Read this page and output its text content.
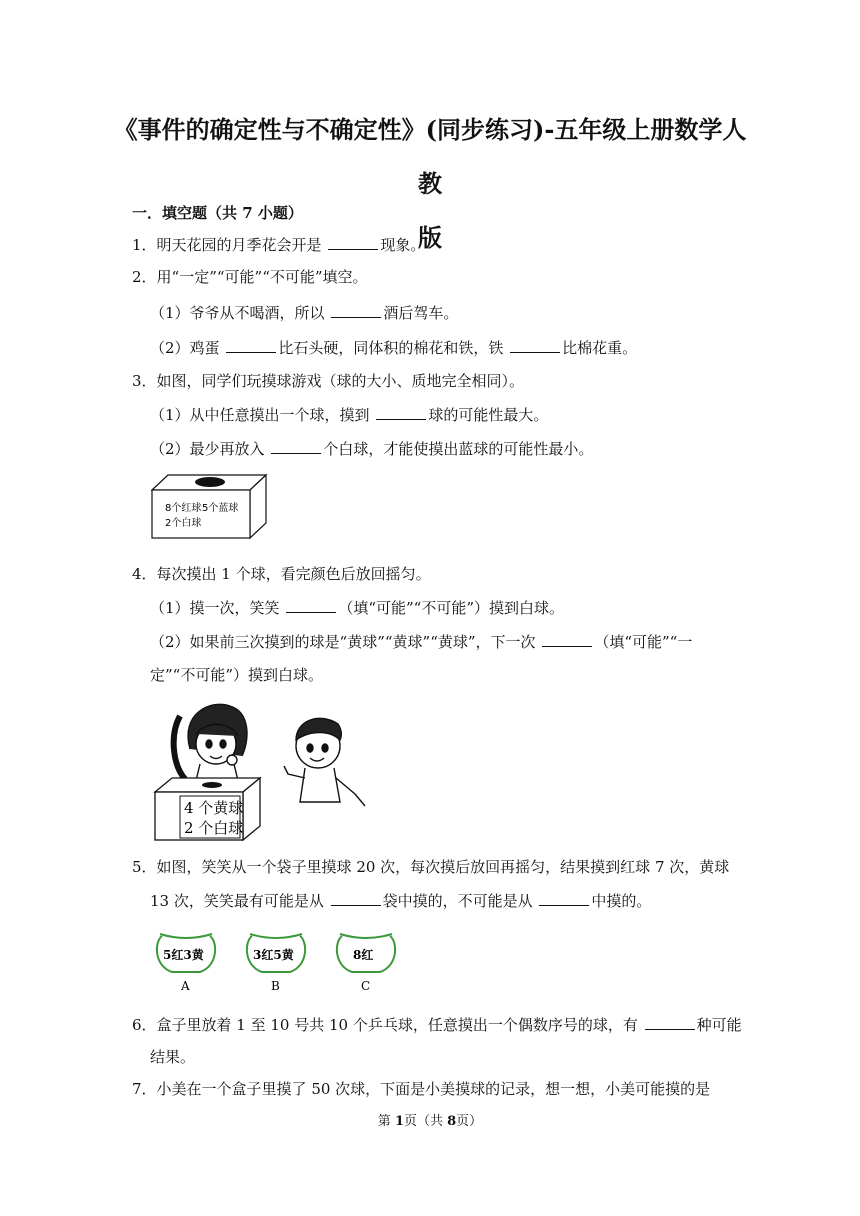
《事件的确定性与不确定性》(同步练习)-五年级上册数学人教
版
一．填空题（共 7 小题）
1．明天花园的月季花会开是	现象。
2．用“一定”“可能”“不可能”填空。
（1）爷爷从不喝酒，所以	酒后驾车。
（2）鸡蛋	比石头硬，同体积的棉花和铁，铁	比棉花重。
3．如图，同学们玩摸球游戏（球的大小、质地完全相同）。
（1）从中任意摸出一个球，摸到	球的可能性最大。
（2）最少再放入	个白球，才能使摸出蓝球的可能性最小。
8个红球 5个蓝球
2个白球
4．每次摸出 1 个球，看完颜色后放回摇匀。
（1）摸一次，笑笑	（填“可能”“不可能”）摸到白球。
（2）如果前三次摸到的球是“黄球”“黄球”“黄球”，下一次	（填“可能”“一
定”“不可能”）摸到白球。
4 个黄球
2 个白球
5．如图，笑笑从一个袋子里摸球 20 次，每次摸后放回再摇匀，结果摸到红球 7 次，黄球
13 次，笑笑最有可能是从	袋中摸的，不可能是从	中摸的。
5红3黄
A
3红5黄
B
8红
C
6．盒子里放着 1 至 10 号共 10 个乒乓球，任意摸出一个偶数序号的球，有	种可能
结果。
7．小美在一个盒子里摸了 50 次球，下面是小美摸球的记录，想一想，小美可能摸的是
第 1页（共 8页）
